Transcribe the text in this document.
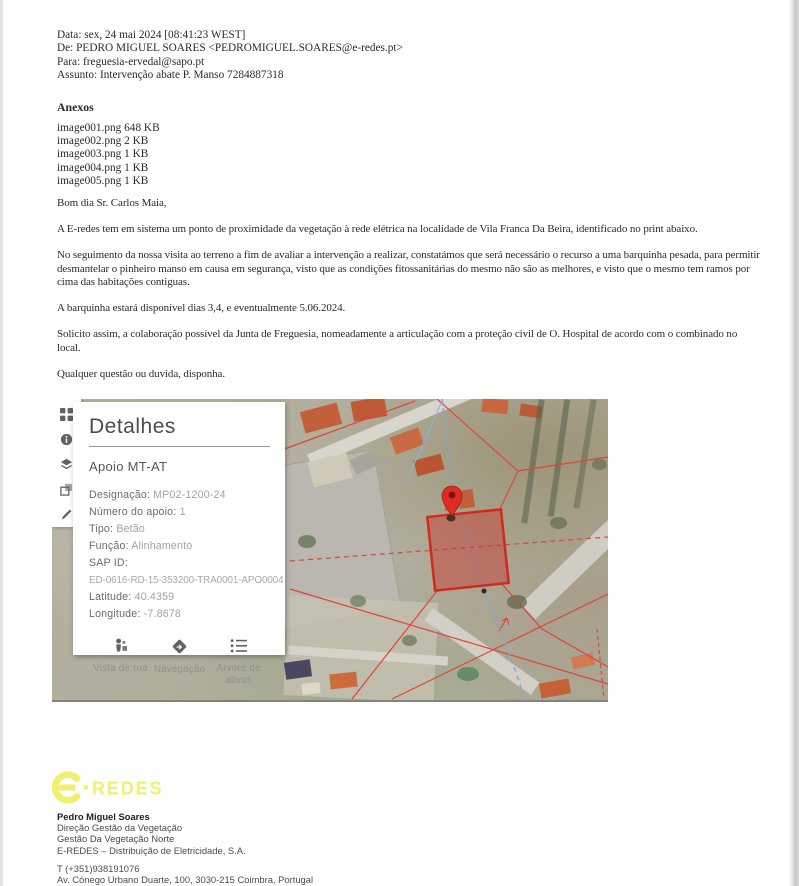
Data: sex, 24 mai 2024 [08:41:23 WEST]
De: PEDRO MIGUEL SOARES <PEDROMIGUEL.SOARES@e-redes.pt>
Para: freguesia-ervedal@sapo.pt
Assunto: Intervenção abate P. Manso 7284887318
Anexos
image001.png 648 KB
image002.png 2 KB
image003.png 1 KB
image004.png 1 KB
image005.png 1 KB

Bom dia Sr. Carlos Maia,

A E-redes tem em sistema um ponto de proximidade da vegetação à rede elétrica na localidade de Vila Franca Da Beira, identificado no print abaixo.

No seguimento da nossa visita ao terreno a fim de avaliar a intervenção a realizar, constatámos que será necessário o recurso a uma barquinha pesada, para permitir desmantelar o pinheiro manso em causa em segurança, visto que as condições fitossanitárias do mesmo não são as melhores, e visto que o mesmo tem ramos por cima das habitações contiguas.

A barquinha estará disponível dias 3,4, e eventualmente 5.06.2024.

Solicito assim, a colaboração possível da Junta de Freguesia, nomeadamente a articulação com a proteção civil de O. Hospital de acordo com o combinado no local.

Qualquer questão ou duvida, disponha.

Detalhes
Apoio MT-AT
Designação: MP02-1200-24
Número do apoio: 1
Tipo: Betão
Função: Alinhamento
SAP ID:
ED-0616-RD-15-353200-TRA0001-APO0004
Latitude: 40.4359
Longitude: -7.8678
Vista de rua Navegação	Arvore de ativos
REDES
Pedro Miguel Soares
Direção Gestão da Vegetação
Gestão Da Vegetação Norte
E-REDES – Distribuição de Eletricidade, S.A.
T (+351)938191076
Av. Cónego Urbano Duarte, 100, 3030-215 Coimbra, Portugal
